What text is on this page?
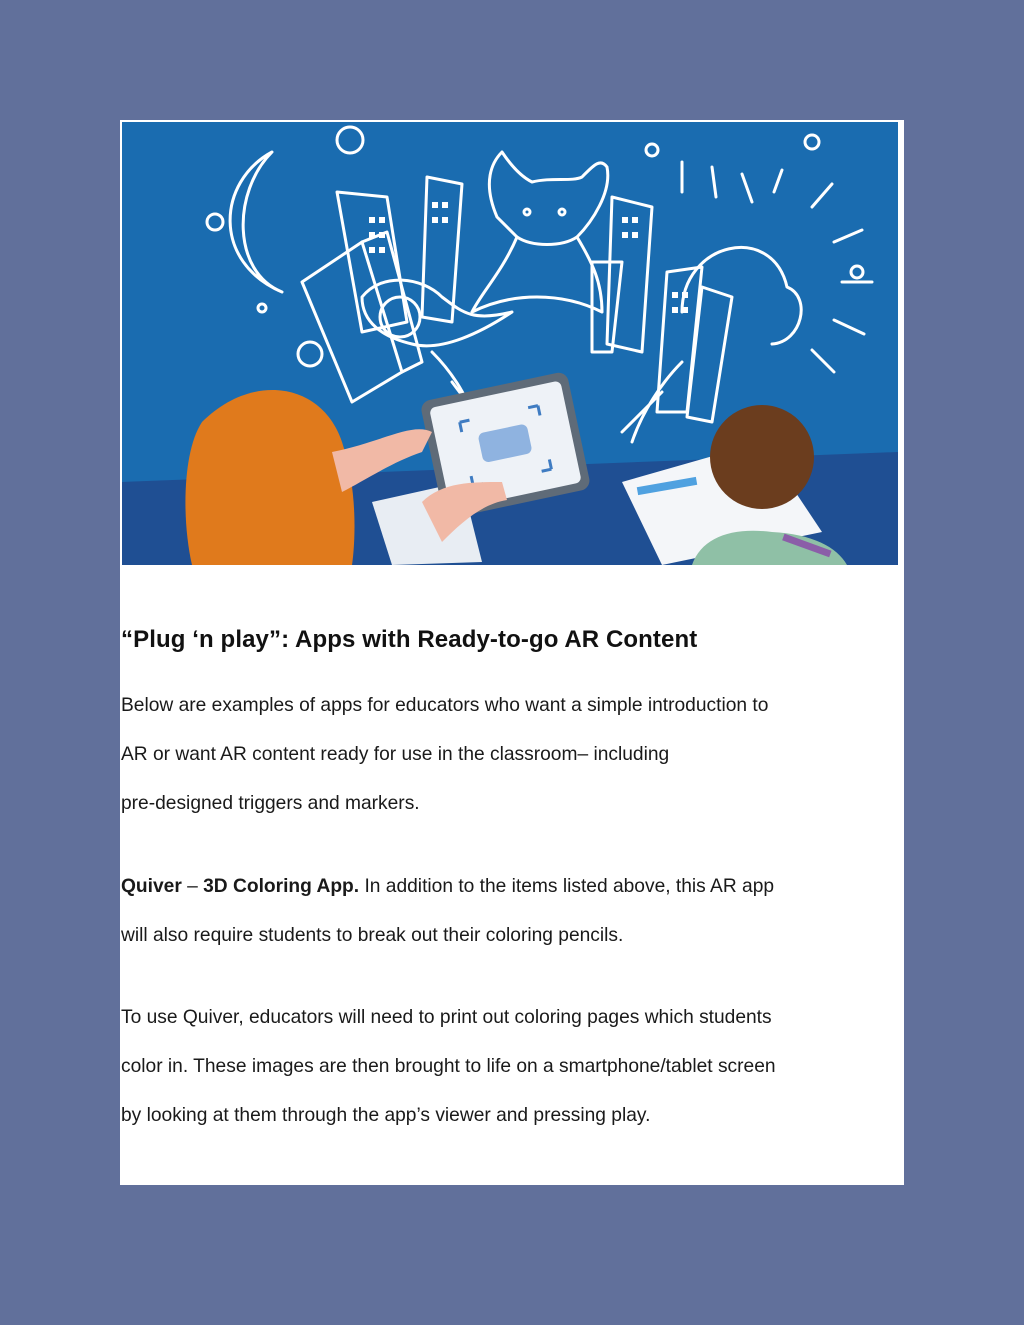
“Plug ‘n play”: Apps with Ready-to-go AR Content

Below are examples of apps for educators who want a simple introduction to
AR or want AR content ready for use in the classroom– including
pre-designed triggers and markers.

Quiver – 3D Coloring App. In addition to the items listed above, this AR app
will also require students to break out their coloring pencils.

To use Quiver, educators will need to print out coloring pages which students
color in. These images are then brought to life on a smartphone/tablet screen
by looking at them through the app’s viewer and pressing play.
